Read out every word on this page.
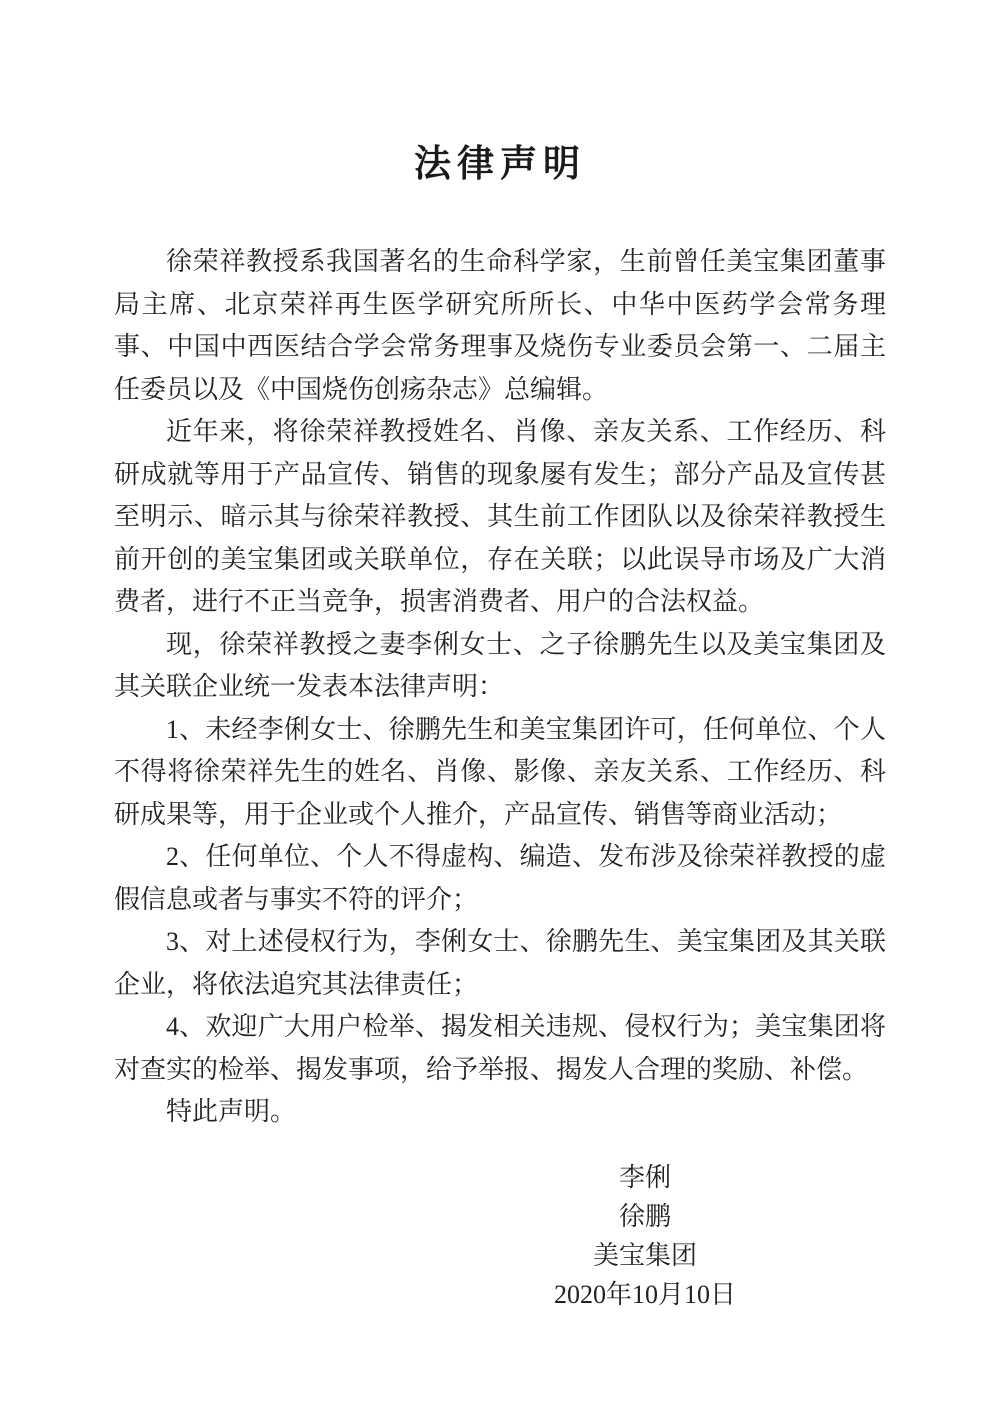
法律声明

徐荣祥教授系我国著名的生命科学家，生前曾任美宝集团董事局主席、北京荣祥再生医学研究所所长、中华中医药学会常务理事、中国中西医结合学会常务理事及烧伤专业委员会第一、二届主任委员以及《中国烧伤创疡杂志》总编辑。

近年来，将徐荣祥教授姓名、肖像、亲友关系、工作经历、科研成就等用于产品宣传、销售的现象屡有发生；部分产品及宣传甚至明示、暗示其与徐荣祥教授、其生前工作团队以及徐荣祥教授生前开创的美宝集团或关联单位，存在关联；以此误导市场及广大消费者，进行不正当竞争，损害消费者、用户的合法权益。

现，徐荣祥教授之妻李俐女士、之子徐鹏先生以及美宝集团及其关联企业统一发表本法律声明：

1、未经李俐女士、徐鹏先生和美宝集团许可，任何单位、个人不得将徐荣祥先生的姓名、肖像、影像、亲友关系、工作经历、科研成果等，用于企业或个人推介，产品宣传、销售等商业活动；

2、任何单位、个人不得虚构、编造、发布涉及徐荣祥教授的虚假信息或者与事实不符的评介；

3、对上述侵权行为，李俐女士、徐鹏先生、美宝集团及其关联企业，将依法追究其法律责任；

4、欢迎广大用户检举、揭发相关违规、侵权行为；美宝集团将对查实的检举、揭发事项，给予举报、揭发人合理的奖励、补偿。

特此声明。

李俐
徐鹏
美宝集团
2020年10月10日
